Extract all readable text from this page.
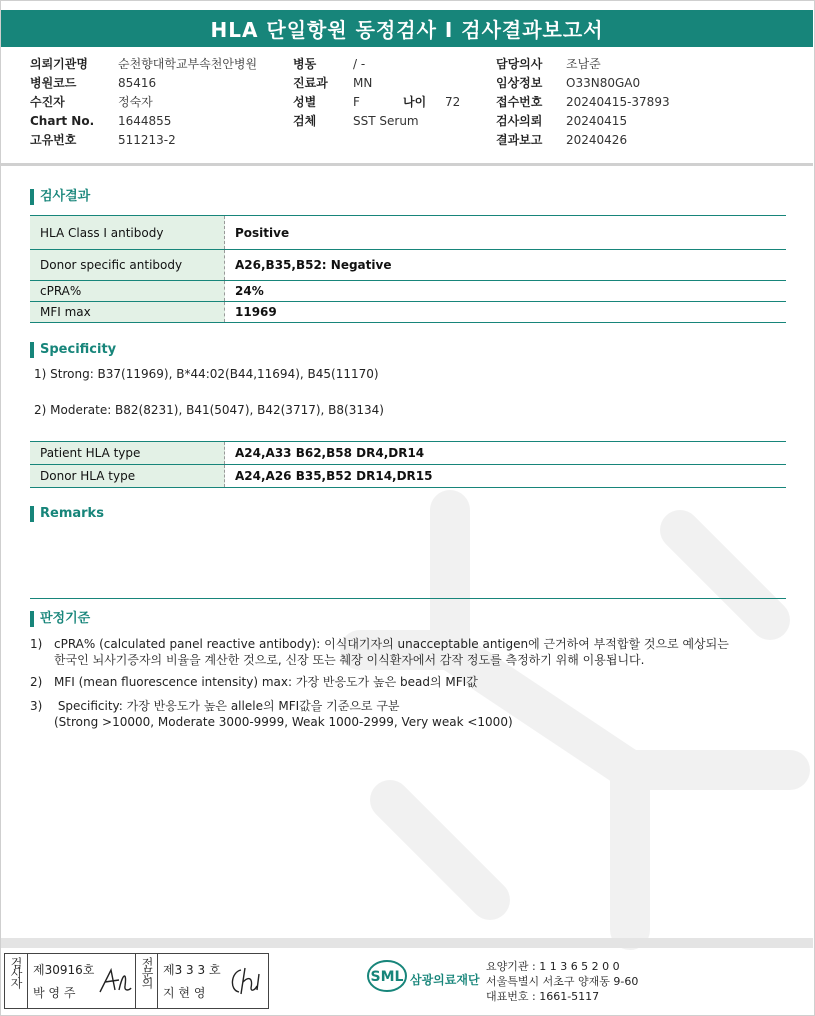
HLA 단일항원 동정검사 I 검사결과보고서
의뢰기관명	순천향대학교부속천안병원
병원코드	85416
수진자	정숙자
Chart No. 1644855
고유번호	511213-2
병동	/ -
진료과 MN
성별	F	나이 72
검체	SST Serum
담당의사 조남준
임상정보 O33N80GA0
접수번호 20240415-37893
검사의뢰 20240415
결과보고 20240426
검사결과
HLA Class I antibody	Positive
Donor specific antibody	A26,B35,B52: Negative
cPRA%	24%
MFI max	11969
Specificity
1) Strong: B37(11969), B*44:02(B44,11694), B45(11170)
2) Moderate: B82(8231), B41(5047), B42(3717), B8(3134)
Patient HLA type	A24,A33 B62,B58 DR4,DR14
Donor HLA type	A24,A26 B35,B52 DR14,DR15
Remarks
판정기준
1) cPRA% (calculated panel reactive antibody): 이식대기자의 unacceptable antigen에 근거하여 부적합할 것으로 예상되는
한국인 뇌사기증자의 비율을 계산한 것으로, 신장 또는 췌장 이식환자에서 감작 정도를 측정하기 위해 이용됩니다.
2) MFI (mean fluorescence intensity) max: 가장 반응도가 높은 bead의 MFI값
3) Specificity: 가장 반응도가 높은 allele의 MFI값을 기준으로 구분
(Strong >10000, Moderate 3000-9999, Weak 1000-2999, Very weak <1000)
검사자 제30916호
박 영 주
전문의 제3 3 3 호
지 현 영
SML 삼광의료재단
요양기관 : 1 1 3 6 5 2 0 0
서울특별시 서초구 양재동 9-60
대표번호 : 1661-5117
